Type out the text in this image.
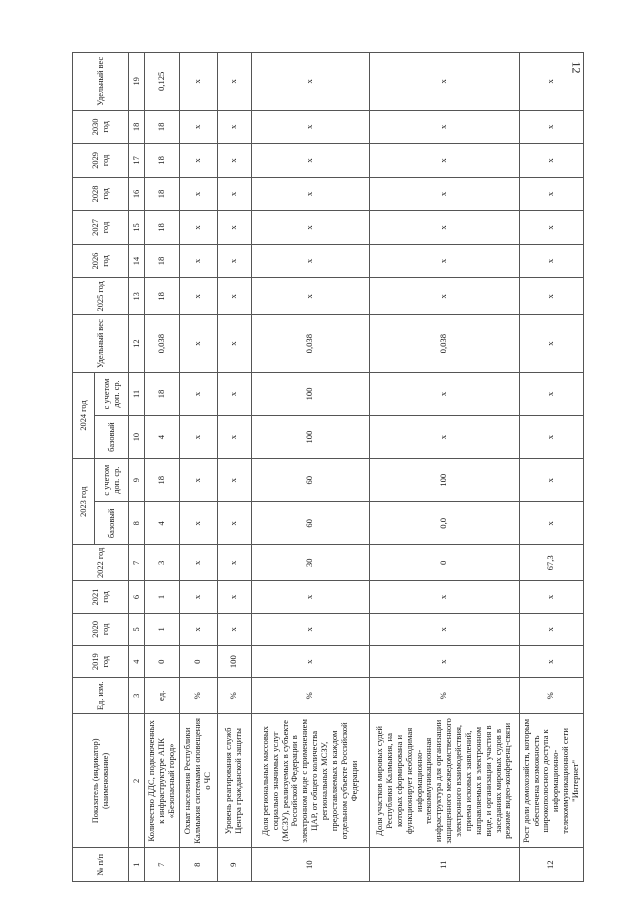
12
№ п/п	Показатель (индикатор) (наименование)	Ед. изм.	2019 год	2020 год	2021 год	2022 год	2023 год		2024 год		Удельный вес	2025 год	2026 год	2027 год	2028 год	2029 год	2030 год	Удельный вес
							базовый	с учетом доп. ср.	базовый	с учетом доп. ср.								
1	2	3	4	5	6	7	8	9	10	11	12	13	14	15	16	17	18	19
7	Количество ДДС, подключенных к инфраструктуре АПК «Безопасный город»	ед.	0	1	1	3	4	18	4	18	0,038	18	18	18	18	18	18	0,125
8	Охват населения Республики Калмыкия системами оповещения о ЧС	%	0	х	х	х	х	х	х	х	х	х	х	х	х	х	х	х
9	Уровень реагирования служб Центра гражданской защиты	%	100	х	х	х	х	х	х	х	х	х	х	х	х	х	х	х
10	Доля региональных массовых социально значимых услуг (МСЗУ), реализуемых в субъекте Российской Федерации в электронном виде с применением ЦАР, от общего количества региональных МСЗУ, предоставляемых в каждом отдельном субъекте Российской Федерации	%	х	х	х	30	60	60	100	100	0,038	х	х	х	х	х	х	х
11	Доля участков мировых судей Республики Калмыкия, на которых сформирована и функционирует необходимая информационно-телекоммуникационная инфраструктура для организации защищенного межведомственного электронного взаимодействия, приема исковых заявлений, направляемых в электронном виде, и организации участия в заседаниях мировых судов в режиме видео-конференц-связи	%	х	х	х	0	0,0	100	х	х	0,038	х	х	х	х	х	х	х
12	Рост доли домохозяйств, которым обеспечена возможность широкополосного доступа к информационно-телекоммуникационной сети "Интернет"	%	х	х	х	67,3	х	х	х	х	х	х	х	х	х	х	х	х
